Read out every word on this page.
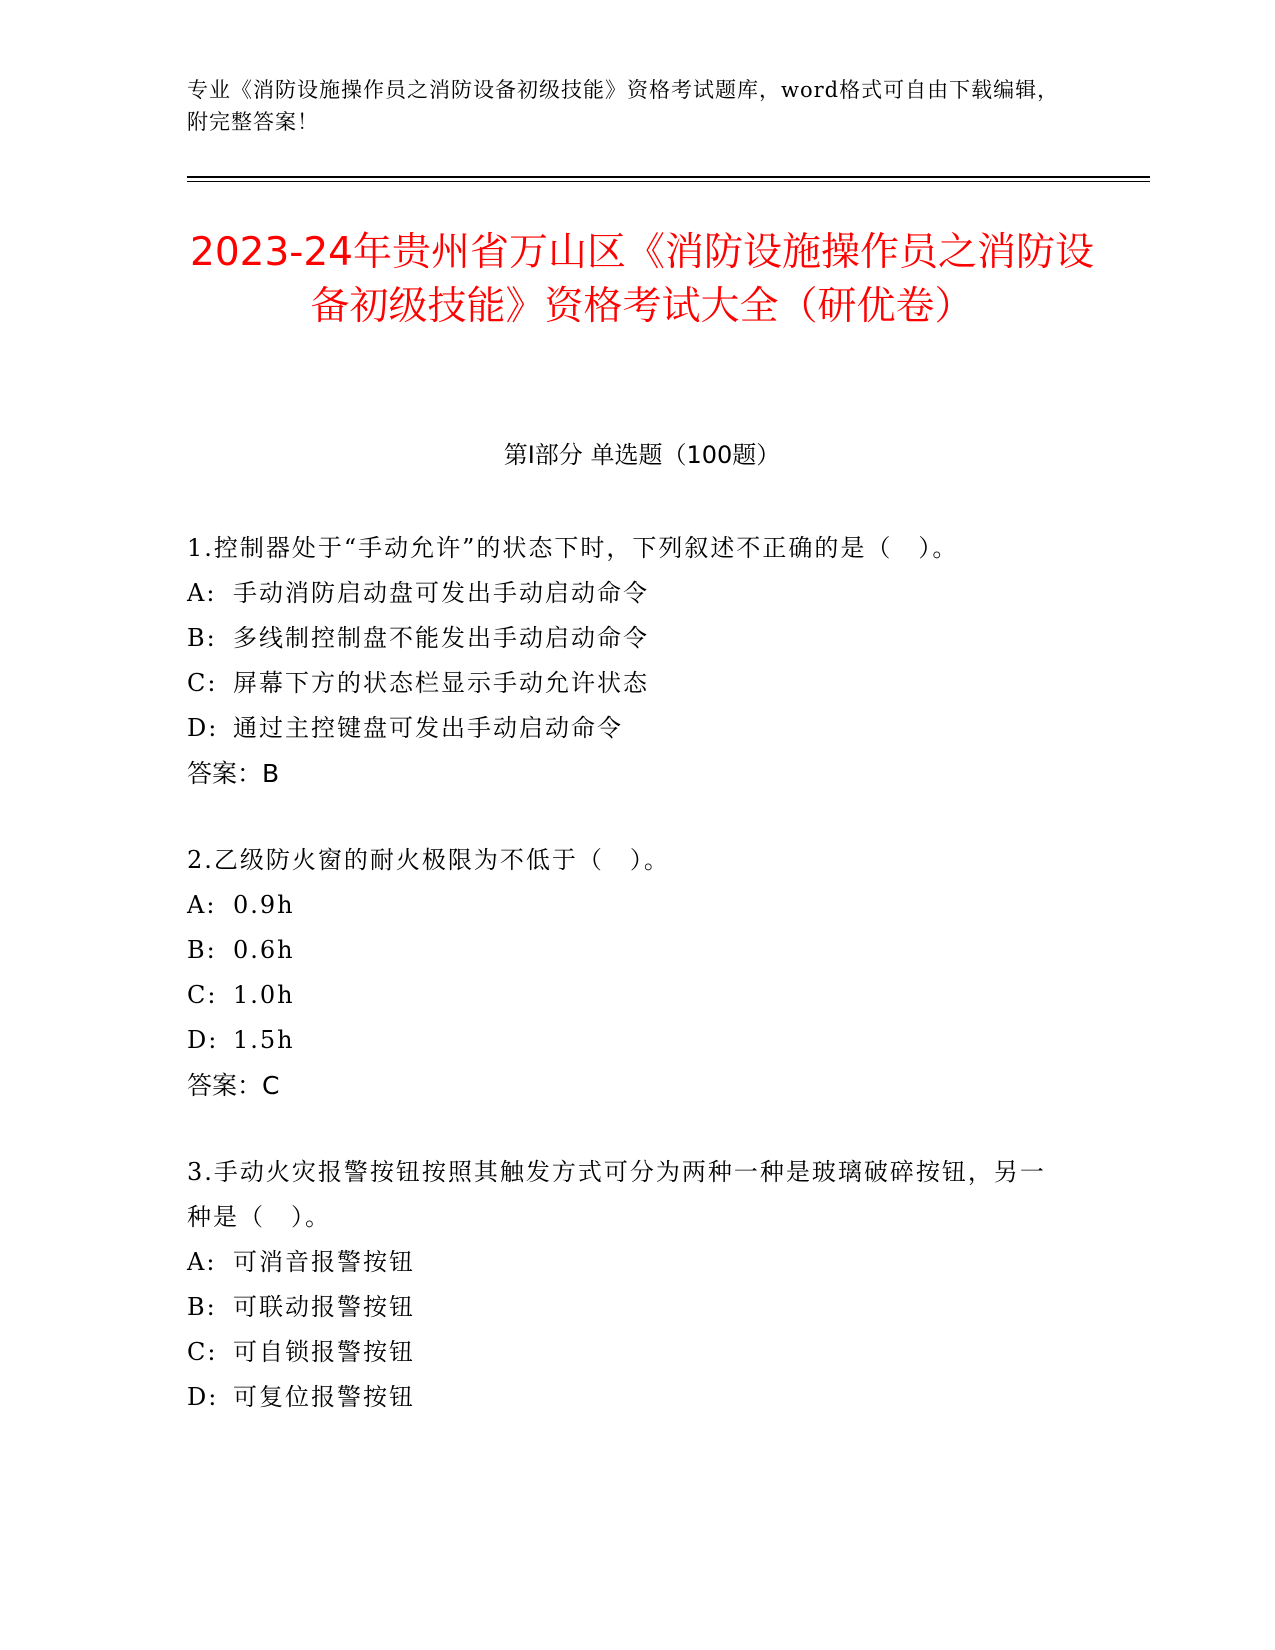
专业《消防设施操作员之消防设备初级技能》资格考试题库，word格式可自由下载编辑，附完整答案！
2023-24年贵州省万山区《消防设施操作员之消防设备初级技能》资格考试大全（研优卷）
第I部分 单选题（100题）

1.控制器处于“手动允许”的状态下时，下列叙述不正确的是（　）。

A: 手动消防启动盘可发出手动启动命令

B: 多线制控制盘不能发出手动启动命令

C: 屏幕下方的状态栏显示手动允许状态

D: 通过主控键盘可发出手动启动命令

答案：B

2.乙级防火窗的耐火极限为不低于（　）。

A: 0.9h

B: 0.6h

C: 1.0h

D: 1.5h

答案：C

3.手动火灾报警按钮按照其触发方式可分为两种一种是玻璃破碎按钮，另一种是（　）。

A: 可消音报警按钮

B: 可联动报警按钮

C: 可自锁报警按钮

D: 可复位报警按钮
